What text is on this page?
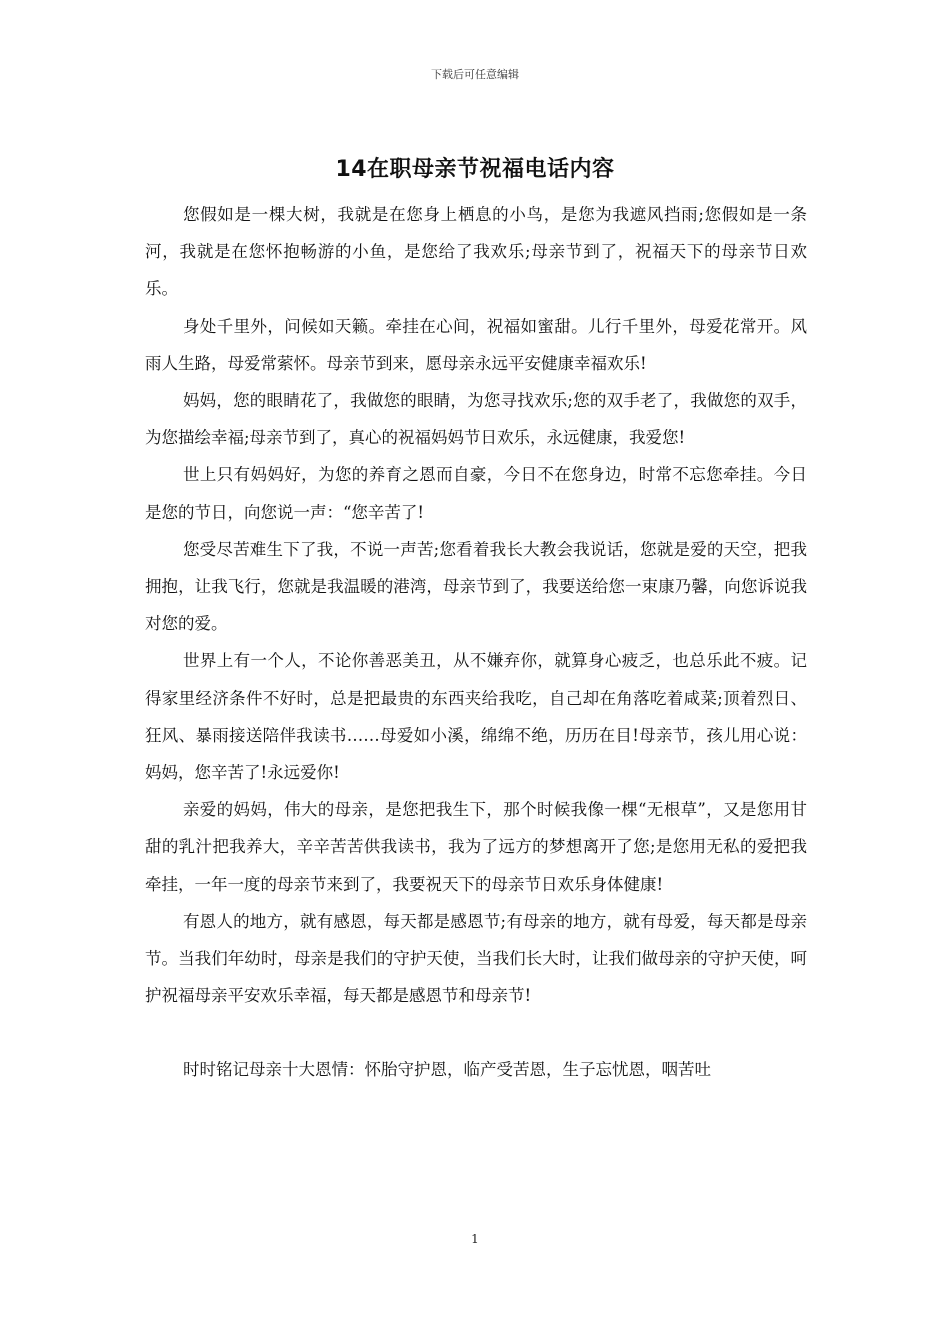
下载后可任意编辑
14在职母亲节祝福电话内容

您假如是一棵大树，我就是在您身上栖息的小鸟，是您为我遮风挡雨;您假如是一条河，我就是在您怀抱畅游的小鱼，是您给了我欢乐;母亲节到了，祝福天下的母亲节日欢乐。

身处千里外，问候如天籁。牵挂在心间，祝福如蜜甜。儿行千里外，母爱花常开。风雨人生路，母爱常萦怀。母亲节到来，愿母亲永远平安健康幸福欢乐!

妈妈，您的眼睛花了，我做您的眼睛，为您寻找欢乐;您的双手老了，我做您的双手，为您描绘幸福;母亲节到了，真心的祝福妈妈节日欢乐，永远健康，我爱您!

世上只有妈妈好，为您的养育之恩而自豪，今日不在您身边，时常不忘您牵挂。今日是您的节日，向您说一声：“您辛苦了!

您受尽苦难生下了我，不说一声苦;您看着我长大教会我说话，您就是爱的天空，把我拥抱，让我飞行，您就是我温暖的港湾，母亲节到了，我要送给您一束康乃馨，向您诉说我对您的爱。

世界上有一个人，不论你善恶美丑，从不嫌弃你，就算身心疲乏，也总乐此不疲。记得家里经济条件不好时，总是把最贵的东西夹给我吃，自己却在角落吃着咸菜;顶着烈日、狂风、暴雨接送陪伴我读书……母爱如小溪，绵绵不绝，历历在目!母亲节，孩儿用心说：妈妈，您辛苦了!永远爱你!

亲爱的妈妈，伟大的母亲，是您把我生下，那个时候我像一棵“无根草”，又是您用甘甜的乳汁把我养大，辛辛苦苦供我读书，我为了远方的梦想离开了您;是您用无私的爱把我牵挂，一年一度的母亲节来到了，我要祝天下的母亲节日欢乐身体健康!

有恩人的地方，就有感恩，每天都是感恩节;有母亲的地方，就有母爱，每天都是母亲节。当我们年幼时，母亲是我们的守护天使，当我们长大时，让我们做母亲的守护天使，呵护祝福母亲平安欢乐幸福，每天都是感恩节和母亲节!

时时铭记母亲十大恩情：怀胎守护恩，临产受苦恩，生子忘忧恩，咽苦吐

1
